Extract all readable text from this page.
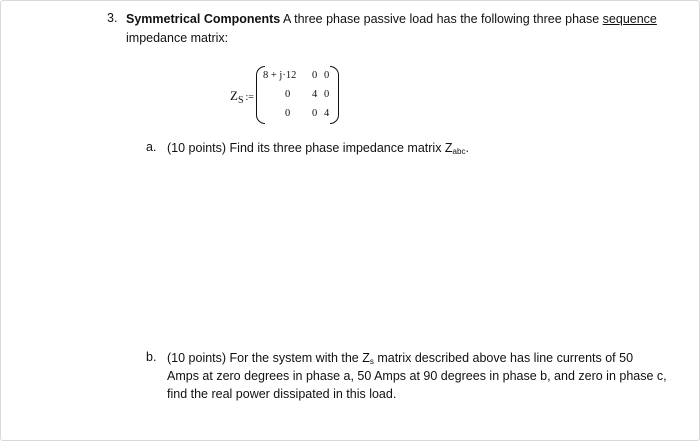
3. Symmetrical Components A three phase passive load has the following three phase sequence
impedance matrix:
$Z_S$ :=
8 + j·12 0 0
0 4 0
0 0 4
a. (10 points) Find its three phase impedance matrix Zabc.
b. (10 points) For the system with the Zs matrix described above has line currents of 50
Amps at zero degrees in phase a, 50 Amps at 90 degrees in phase b, and zero in phase c,
find the real power dissipated in this load.
